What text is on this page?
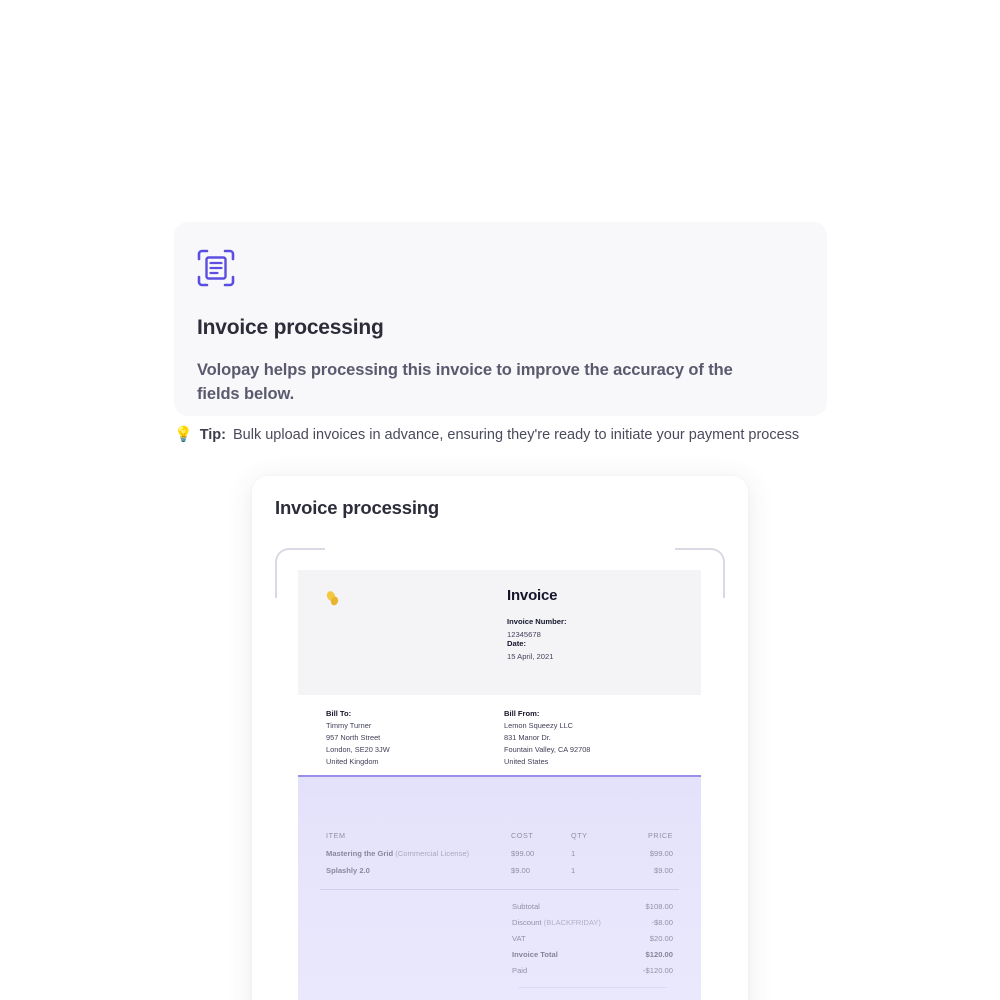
Invoice processing
Volopay helps processing this invoice to improve the accuracy of the fields below.
💡 Tip: Bulk upload invoices in advance, ensuring they're ready to initiate your payment process
Invoice processing
Invoice
Invoice Number:
12345678
Date:
15 April, 2021
Bill To:
Timmy Turner
957 North Street
London, SE20 3JW
United Kingdom
Bill From:
Lemon Squeezy LLC
831 Manor Dr.
Fountain Valley, CA 92708
United States
ITEM	COST	QTY	PRICE
Mastering the Grid (Commercial License)	$99.00	1	$99.00
Splashly 2.0	$9.00	1	$9.00
Subtotal	$108.00
Discount (BLACKFRIDAY)	-$8.00
VAT	$20.00
Invoice Total	$120.00
Paid	-$120.00
